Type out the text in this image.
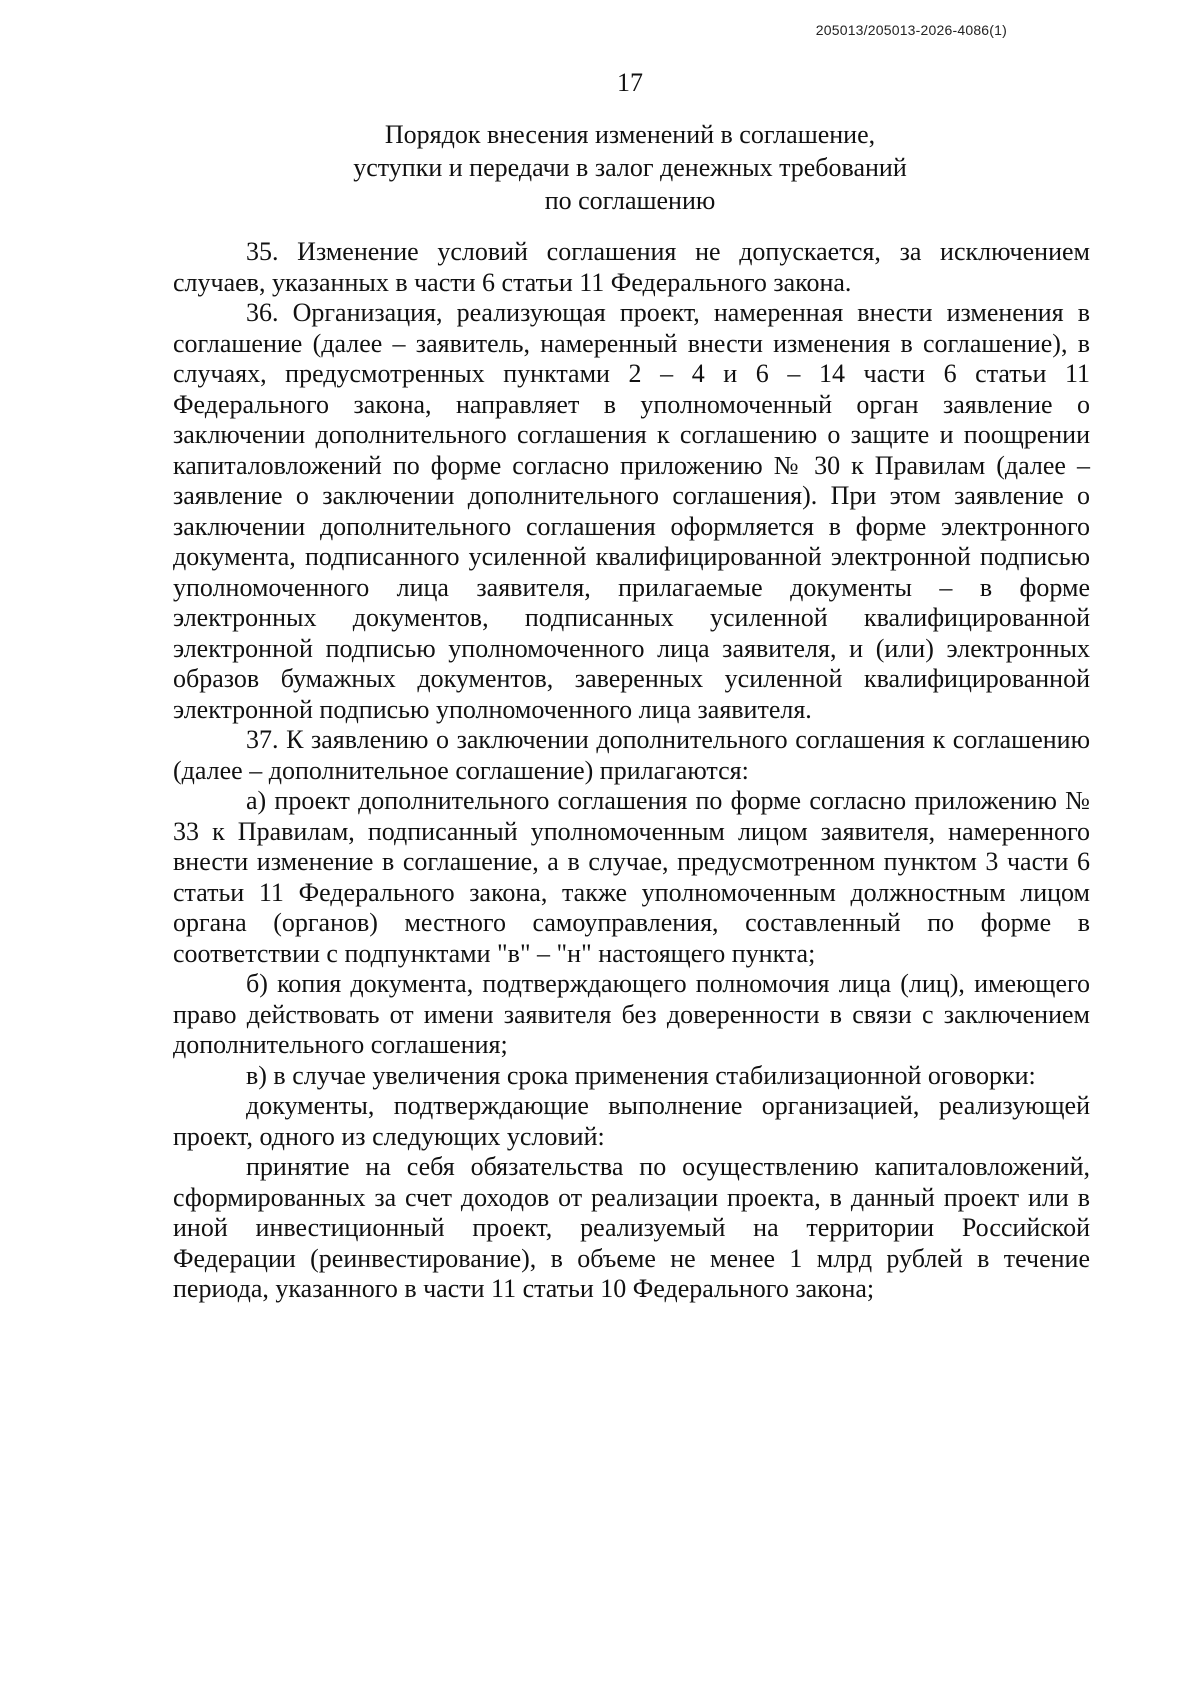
205013/205013-2026-4086(1)
17
Порядок внесения изменений в соглашение,
уступки и передачи в залог денежных требований
по соглашению

35. Изменение условий соглашения не допускается, за исключением случаев, указанных в части 6 статьи 11 Федерального закона.

36. Организация, реализующая проект, намеренная внести изменения в соглашение (далее – заявитель, намеренный внести изменения в соглашение), в случаях, предусмотренных пунктами 2 – 4 и 6 – 14 части 6 статьи 11 Федерального закона, направляет в уполномоченный орган заявление о заключении дополнительного соглашения к соглашению о защите и поощрении капиталовложений по форме согласно приложению № 30 к Правилам (далее – заявление о заключении дополнительного соглашения). При этом заявление о заключении дополнительного соглашения оформляется в форме электронного документа, подписанного усиленной квалифицированной электронной подписью уполномоченного лица заявителя, прилагаемые документы – в форме электронных документов, подписанных усиленной квалифицированной электронной подписью уполномоченного лица заявителя, и (или) электронных образов бумажных документов, заверенных усиленной квалифицированной электронной подписью уполномоченного лица заявителя.

37. К заявлению о заключении дополнительного соглашения к соглашению (далее – дополнительное соглашение) прилагаются:

а) проект дополнительного соглашения по форме согласно приложению № 33 к Правилам, подписанный уполномоченным лицом заявителя, намеренного внести изменение в соглашение, а в случае, предусмотренном пунктом 3 части 6 статьи 11 Федерального закона, также уполномоченным должностным лицом органа (органов) местного самоуправления, составленный по форме в соответствии с подпунктами "в" – "н" настоящего пункта;

б) копия документа, подтверждающего полномочия лица (лиц), имеющего право действовать от имени заявителя без доверенности в связи с заключением дополнительного соглашения;

в) в случае увеличения срока применения стабилизационной оговорки:

документы, подтверждающие выполнение организацией, реализующей проект, одного из следующих условий:

принятие на себя обязательства по осуществлению капиталовложений, сформированных за счет доходов от реализации проекта, в данный проект или в иной инвестиционный проект, реализуемый на территории Российской Федерации (реинвестирование), в объеме не менее 1 млрд рублей в течение периода, указанного в части 11 статьи 10 Федерального закона;
